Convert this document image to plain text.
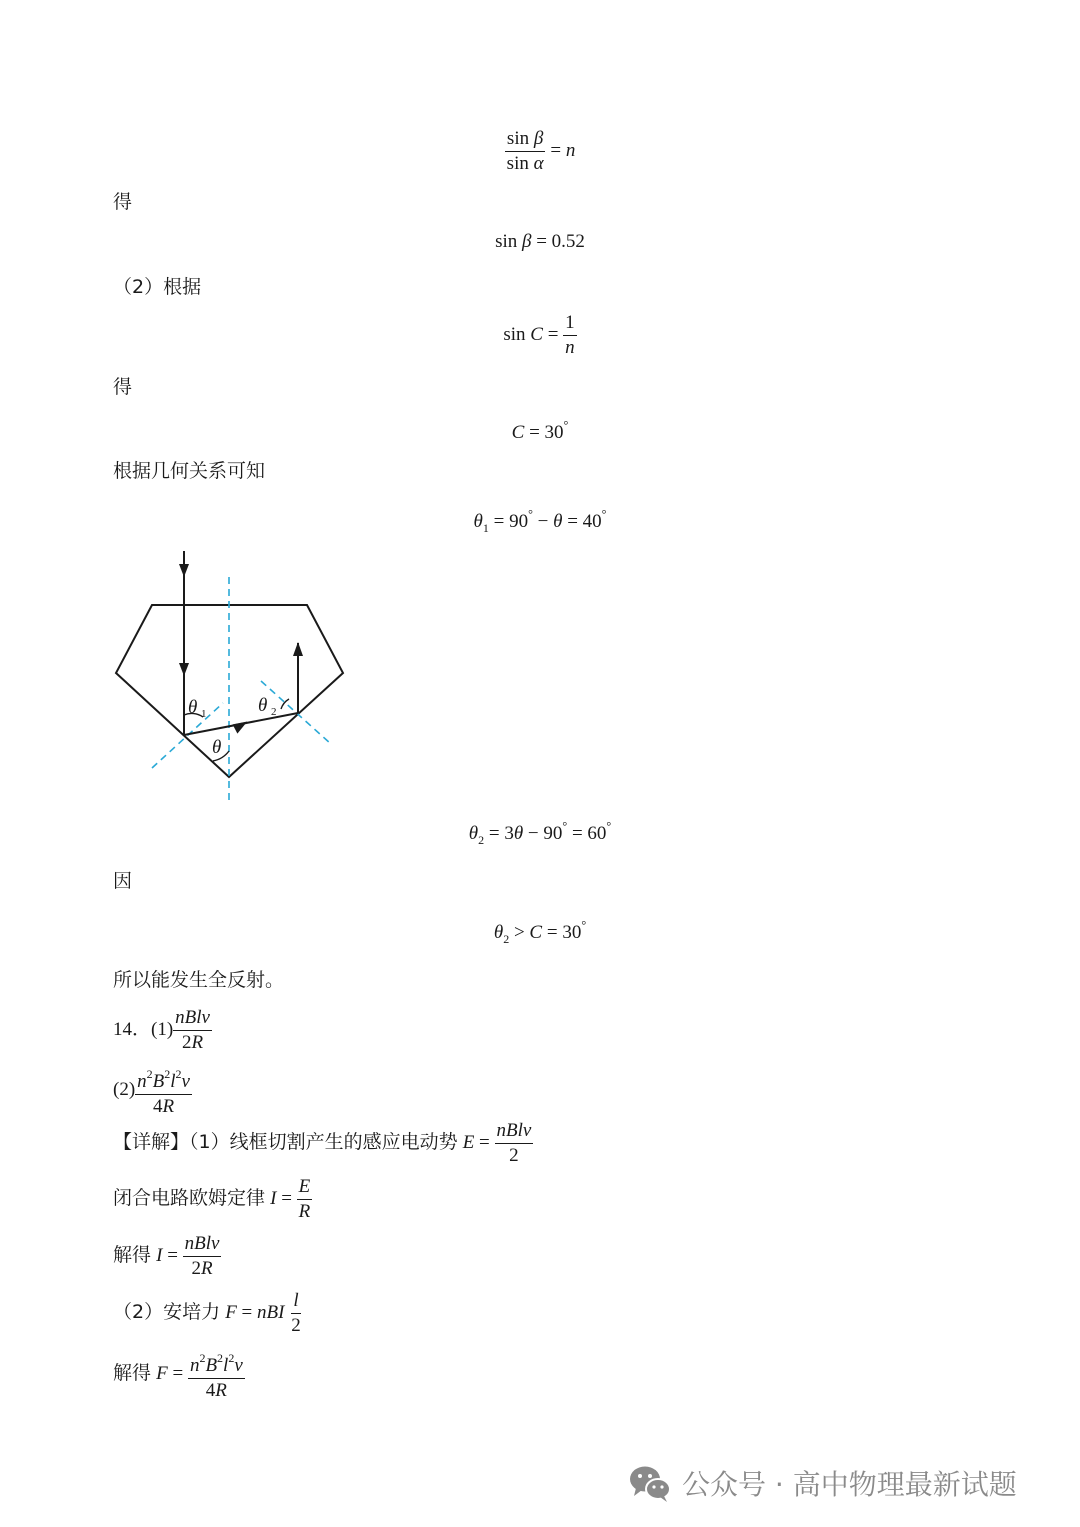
$\frac{\text{sin β}}{\text{sin α}} = n$
得
sin β = 0.52
（2）根据
$\sin C = \frac{1}{n}$
得
C = 30°
根据几何关系可知
$\theta_1 = 90^\circ - \theta = 40^\circ$
θ 1
θ
θ 2
$\theta_2 = 3\theta - 90^\circ = 60^\circ$
因
$\theta_2 > C = 30^\circ$
所以能发生全反射。
14．$(1) \frac{\text{nBlv}}{2R}$
$(2) \frac{n^2B^2l^2v}{4R}$
【详解】（1）线框切割产生的感应电动势 $E = \frac{\text{nBlv}}{2}$
闭合电路欧姆定律 $I = \frac{E}{R}$
解得 $I = \frac{\text{nBlv}}{2R}$
（2）安培力 F = nBI $\frac{l}{2}$
解得 $F = \frac{n^2B^2l^2v}{4R}$
公众号 · 高中物理最新试题
